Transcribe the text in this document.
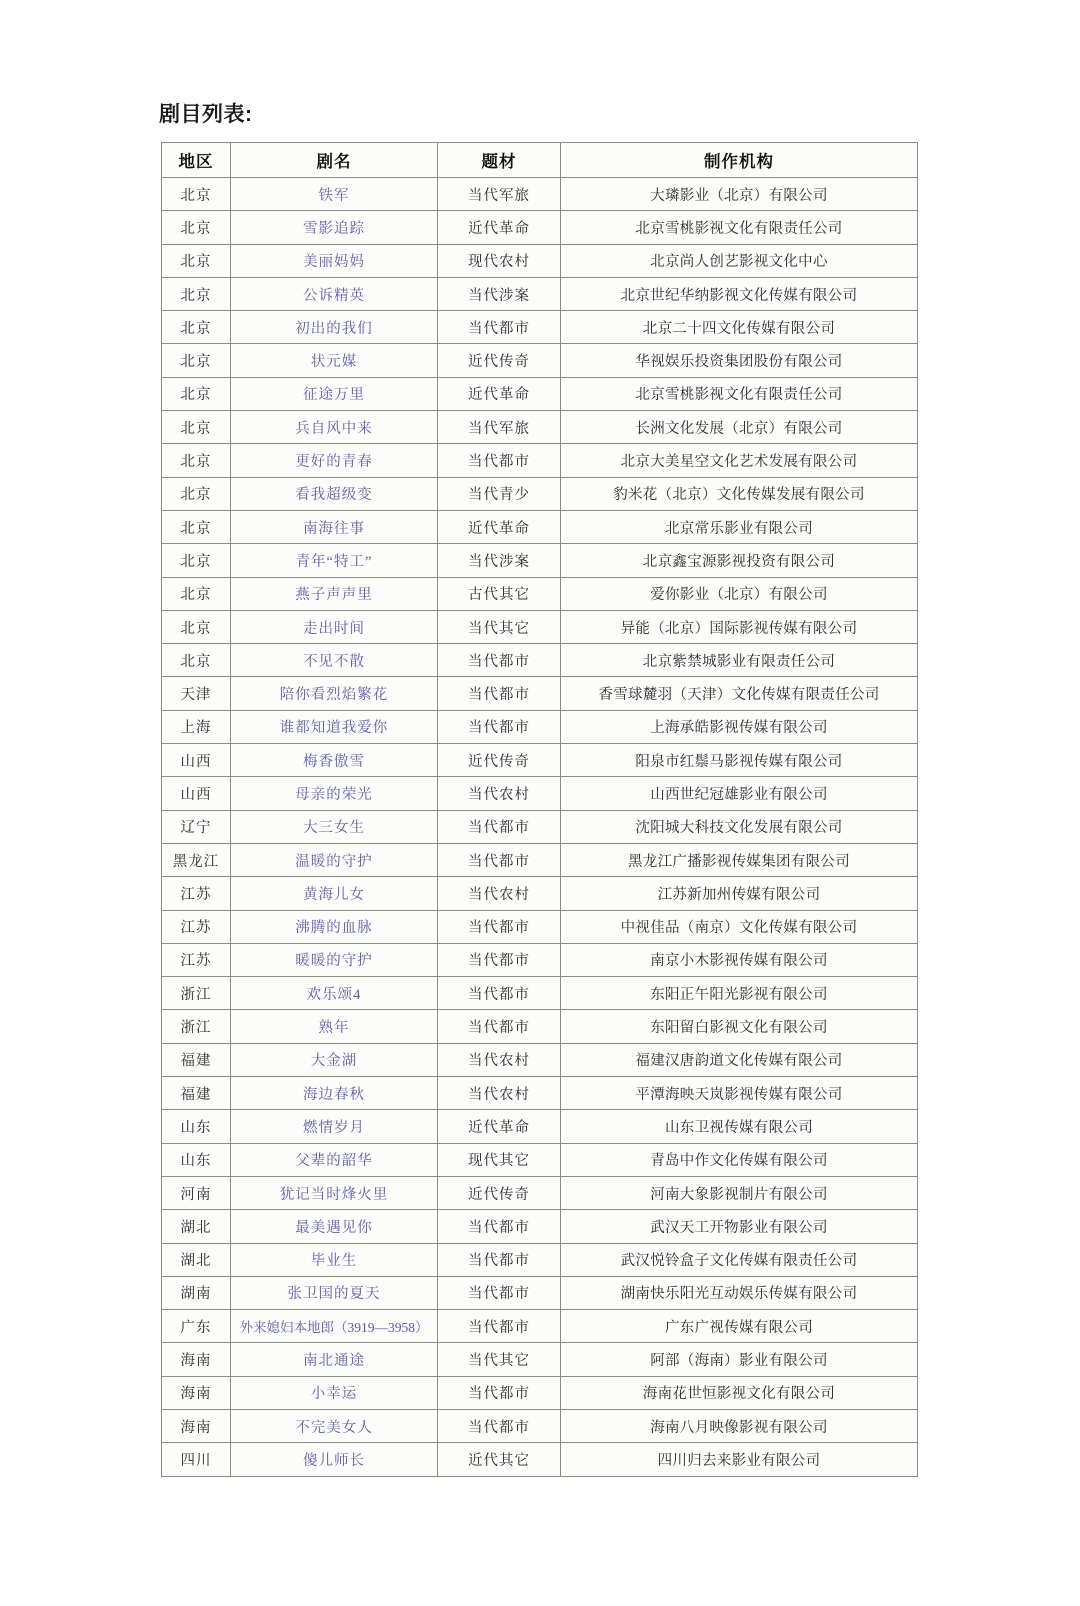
剧目列表:
地区	剧名	题材	制作机构
北京	铁军	当代军旅	大璘影业（北京）有限公司
北京	雪影追踪	近代革命	北京雪桃影视文化有限责任公司
北京	美丽妈妈	现代农村	北京尚人创艺影视文化中心
北京	公诉精英	当代涉案	北京世纪华纳影视文化传媒有限公司
北京	初出的我们	当代都市	北京二十四文化传媒有限公司
北京	状元媒	近代传奇	华视娱乐投资集团股份有限公司
北京	征途万里	近代革命	北京雪桃影视文化有限责任公司
北京	兵自风中来	当代军旅	长洲文化发展（北京）有限公司
北京	更好的青春	当代都市	北京大美星空文化艺术发展有限公司
北京	看我超级变	当代青少	豹米花（北京）文化传媒发展有限公司
北京	南海往事	近代革命	北京常乐影业有限公司
北京	青年“特工”	当代涉案	北京鑫宝源影视投资有限公司
北京	燕子声声里	古代其它	爱你影业（北京）有限公司
北京	走出时间	当代其它	异能（北京）国际影视传媒有限公司
北京	不见不散	当代都市	北京紫禁城影业有限责任公司
天津	陪你看烈焰繁花	当代都市	香雪球麓羽（天津）文化传媒有限责任公司
上海	谁都知道我爱你	当代都市	上海承皓影视传媒有限公司
山西	梅香傲雪	近代传奇	阳泉市红鬃马影视传媒有限公司
山西	母亲的荣光	当代农村	山西世纪冠雄影业有限公司
辽宁	大三女生	当代都市	沈阳城大科技文化发展有限公司
黑龙江	温暖的守护	当代都市	黑龙江广播影视传媒集团有限公司
江苏	黄海儿女	当代农村	江苏新加州传媒有限公司
江苏	沸腾的血脉	当代都市	中视佳品（南京）文化传媒有限公司
江苏	暖暖的守护	当代都市	南京小木影视传媒有限公司
浙江	欢乐颂4	当代都市	东阳正午阳光影视有限公司
浙江	熟年	当代都市	东阳留白影视文化有限公司
福建	大金湖	当代农村	福建汉唐韵道文化传媒有限公司
福建	海边春秋	当代农村	平潭海映天岚影视传媒有限公司
山东	燃情岁月	近代革命	山东卫视传媒有限公司
山东	父辈的韶华	现代其它	青岛中作文化传媒有限公司
河南	犹记当时烽火里	近代传奇	河南大象影视制片有限公司
湖北	最美遇见你	当代都市	武汉天工开物影业有限公司
湖北	毕业生	当代都市	武汉悦铃盒子文化传媒有限责任公司
湖南	张卫国的夏天	当代都市	湖南快乐阳光互动娱乐传媒有限公司
广东	外来媳妇本地郎（3919—3958）	当代都市	广东广视传媒有限公司
海南	南北通途	当代其它	阿部（海南）影业有限公司
海南	小幸运	当代都市	海南花世恒影视文化有限公司
海南	不完美女人	当代都市	海南八月映像影视有限公司
四川	傻儿师长	近代其它	四川归去来影业有限公司
